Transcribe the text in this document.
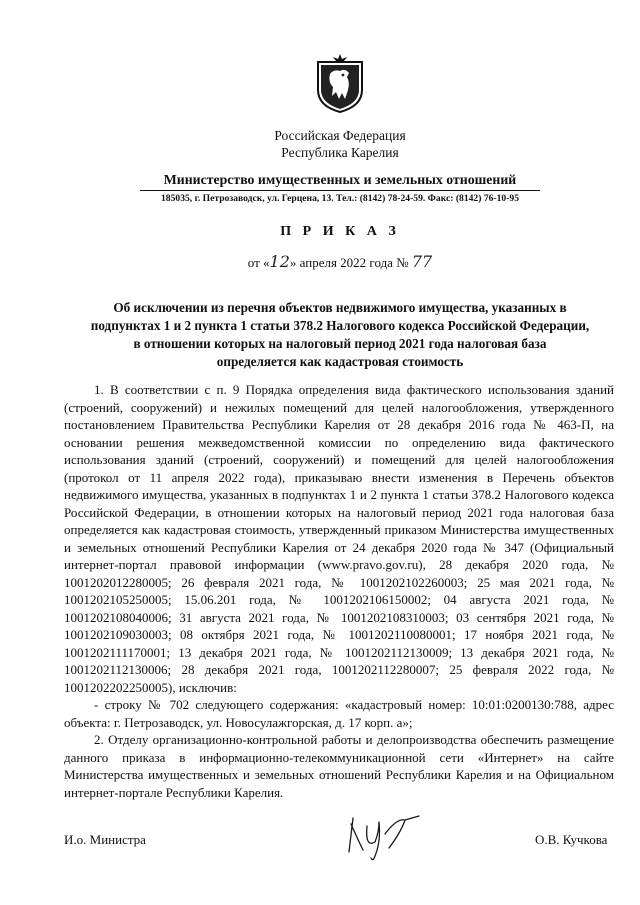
Российская Федерация
Республика Карелия
Министерство имущественных и земельных отношений
185035, г. Петрозаводск, ул. Герцена, 13. Тел.: (8142) 78-24-59. Факс: (8142) 76-10-95
П Р И К А З
от «12» апреля 2022 года № 77
Об исключении из перечня объектов недвижимого имущества, указанных в
подпунктах 1 и 2 пункта 1 статьи 378.2 Налогового кодекса Российской Федерации,
в отношении которых на налоговый период 2021 года налоговая база
определяется как кадастровая стоимость

1. В соответствии с п. 9 Порядка определения вида фактического использования зданий (строений, сооружений) и нежилых помещений для целей налогообложения, утвержденного постановлением Правительства Республики Карелия от 28 декабря 2016 года № 463-П, на основании решения межведомственной комиссии по определению вида фактического использования зданий (строений, сооружений) и помещений для целей налогообложения (протокол от 11 апреля 2022 года), приказываю внести изменения в Перечень объектов недвижимого имущества, указанных в подпунктах 1 и 2 пункта 1 статьи 378.2 Налогового кодекса Российской Федерации, в отношении которых на налоговый период 2021 года налоговая база определяется как кадастровая стоимость, утвержденный приказом Министерства имущественных и земельных отношений Республики Карелия от 24 декабря 2020 года № 347 (Официальный интернет-портал правовой информации (www.pravo.gov.ru), 28 декабря 2020 года, № 1001202012280005; 26 февраля 2021 года, № 1001202102260003; 25 мая 2021 года, № 1001202105250005; 15.06.201 года, № 1001202106150002; 04 августа 2021 года, № 1001202108040006; 31 августа 2021 года, № 1001202108310003; 03 сентября 2021 года, № 1001202109030003; 08 октября 2021 года, № 1001202110080001; 17 ноября 2021 года, № 1001202111170001; 13 декабря 2021 года, № 1001202112130009; 13 декабря 2021 года, № 1001202112130006; 28 декабря 2021 года, 1001202112280007; 25 февраля 2022 года, № 1001202202250005), исключив:

- строку № 702 следующего содержания: «кадастровый номер: 10:01:0200130:788, адрес объекта: г. Петрозаводск, ул. Новосулажгорская, д. 17 корп. а»;

2. Отделу организационно-контрольной работы и делопроизводства обеспечить размещение данного приказа в информационно-телекоммуникационной сети «Интернет» на сайте Министерства имущественных и земельных отношений Республики Карелия и на Официальном интернет-портале Республики Карелия.

И.о. Министра	О.В. Кучкова
